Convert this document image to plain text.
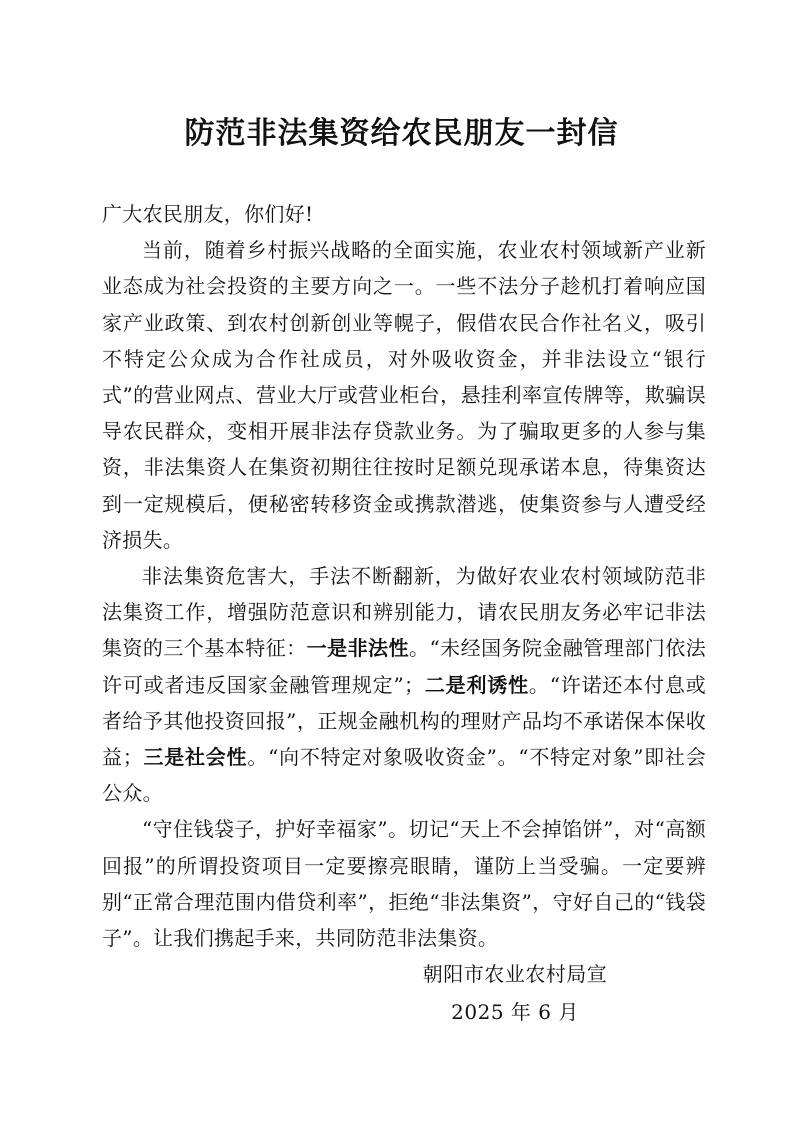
防范非法集资给农民朋友一封信

广大农民朋友，你们好!

当前，随着乡村振兴战略的全面实施，农业农村领域新产业新业态成为社会投资的主要方向之一。一些不法分子趁机打着响应国家产业政策、到农村创新创业等幌子，假借农民合作社名义，吸引不特定公众成为合作社成员，对外吸收资金，并非法设立“银行式”的营业网点、营业大厅或营业柜台，悬挂利率宣传牌等，欺骗误导农民群众，变相开展非法存贷款业务。为了骗取更多的人参与集资，非法集资人在集资初期往往按时足额兑现承诺本息，待集资达到一定规模后，便秘密转移资金或携款潜逃，使集资参与人遭受经济损失。

非法集资危害大，手法不断翻新，为做好农业农村领域防范非法集资工作，增强防范意识和辨别能力，请农民朋友务必牢记非法集资的三个基本特征：一是非法性。“未经国务院金融管理部门依法许可或者违反国家金融管理规定”；二是利诱性。“许诺还本付息或者给予其他投资回报”，正规金融机构的理财产品均不承诺保本保收益；三是社会性。“向不特定对象吸收资金”。“不特定对象”即社会公众。

“守住钱袋子，护好幸福家”。切记“天上不会掉馅饼”，对“高额回报”的所谓投资项目一定要擦亮眼睛，谨防上当受骗。一定要辨别“正常合理范围内借贷利率”，拒绝“非法集资”，守好自己的“钱袋子”。让我们携起手来，共同防范非法集资。

朝阳市农业农村局宣
2025 年 6 月
